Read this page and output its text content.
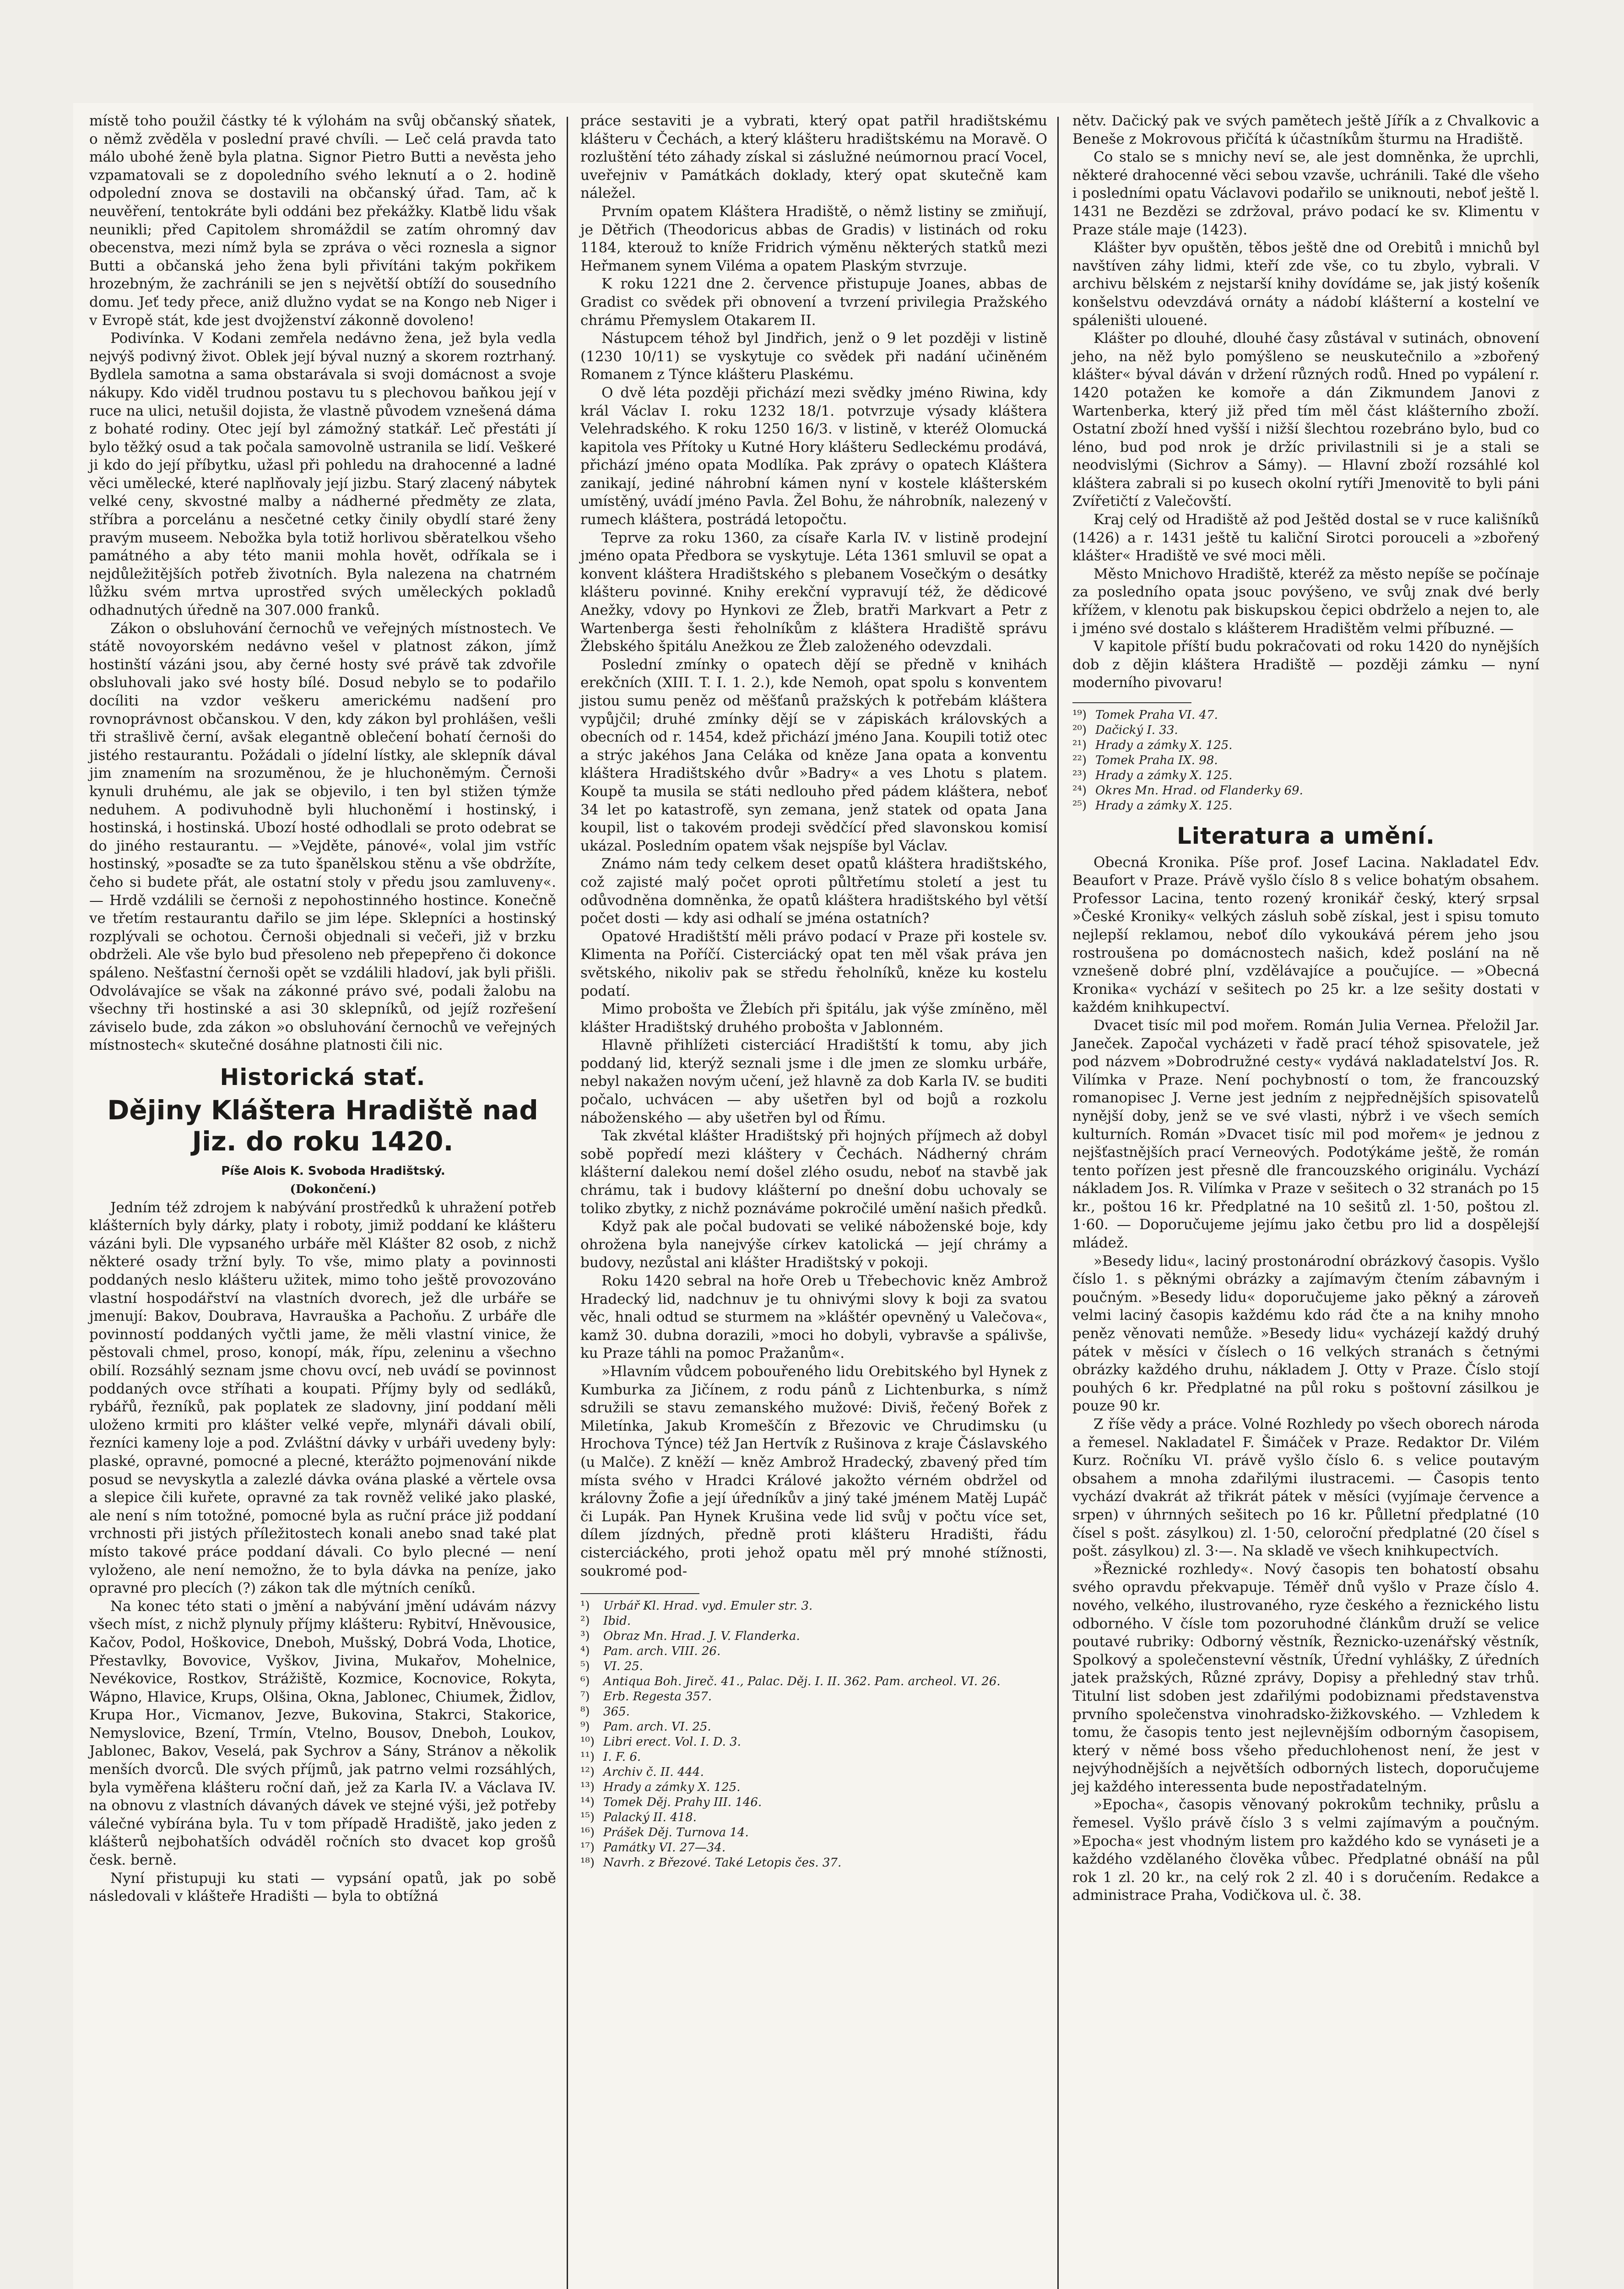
místě toho použil částky té k výlohám na svůj občanský sňatek, o němž zvěděla v poslední pravé chvíli. — Leč celá pravda tato málo ubohé ženě byla platna. Signor Pietro Butti a nevěsta jeho vzpamatovali se z dopoledního svého leknutí a o 2. hodině odpolední znova se dostavili na občanský úřad. Tam, ač k neuvěření, tentokráte byli oddáni bez překážky. Klatbě lidu však neunikli; před Capitolem shromáždil se zatím ohromný dav obecenstva, mezi nímž byla se zpráva o věci roznesla a signor Butti a občanská jeho žena byli přivítáni takým pokřikem hrozebným, že zachránili se jen s největší obtíží do sousedního domu. Jeť tedy přece, aniž dlužno vydat se na Kongo neb Niger i v Evropě stát, kde jest dvojženství zákonně dovoleno!

Podivínka. V Kodani zemřela nedávno žena, jež byla vedla nejvýš podivný život. Oblek její býval nuzný a skorem roztrhaný. Bydlela samotna a sama obstarávala si svoji domácnost a svoje nákupy. Kdo viděl trudnou postavu tu s plechovou baňkou její v ruce na ulici, netušil dojista, že vlastně původem vznešená dáma z bohaté rodiny. Otec její byl zámožný statkář. Leč přestáti jí bylo těžký osud a tak počala samovolně ustranila se lidí. Veškeré ji kdo do její příbytku, užasl při pohledu na drahocenné a ladné věci umělecké, které naplňovaly její jizbu. Starý zlacený nábytek velké ceny, skvostné malby a nádherné předměty ze zlata, stříbra a porcelánu a nesčetné cetky činily obydlí staré ženy pravým museem. Nebožka byla totiž horlivou sběratelkou všeho památného a aby této manii mohla hovět, odříkala se i nejdůležitějších potřeb životních. Byla nalezena na chatrném lůžku svém mrtva uprostřed svých uměleckých pokladů odhadnutých úředně na 307.000 franků.

Zákon o obsluhování černochů ve veřejných místnostech. Ve státě novoyorském nedávno vešel v platnost zákon, jímž hostinští vázáni jsou, aby černé hosty své právě tak zdvořile obsluhovali jako své hosty bílé. Dosud nebylo se to podařilo docíliti na vzdor veškeru americkému nadšení pro rovnoprávnost občanskou. V den, kdy zákon byl prohlášen, vešli tři strašlivě černí, avšak elegantně oblečení bohatí černoši do jistého restaurantu. Požádali o jídelní lístky, ale sklepník dával jim znamením na srozuměnou, že je hluchoněmým. Černoši kynuli druhému, ale jak se objevilo, i ten byl stižen týmže neduhem. A podivuhodně byli hluchoněmí i hostinský, i hostinská, i hostinská. Ubozí hosté odhodlali se proto odebrat se do jiného restaurantu. — »Vejděte, pánové«, volal jim vstříc hostinský, »posaďte se za tuto španělskou stěnu a vše obdržíte, čeho si budete přát, ale ostatní stoly v předu jsou zamluveny«. — Hrdě vzdálili se černoši z nepohostinného hostince. Konečně ve třetím restaurantu dařilo se jim lépe. Sklepníci a hostinský rozplývali se ochotou. Černoši objednali si večeři, již v brzku obdrželi. Ale vše bylo bud přesoleno neb přepepřeno či dokonce spáleno. Nešťastní černoši opět se vzdálili hladoví, jak byli přišli. Odvolávajíce se však na zákonné právo své, podali žalobu na všechny tři hostinské a asi 30 sklepníků, od jejíž rozřešení záviselo bude, zda zákon »o obsluhování černochů ve veřejných místnostech« skutečné dosáhne platnosti čili nic.

Historická stať.
Dějiny Kláštera Hradiště nad Jiz. do roku 1420.

Píše Alois K. Svoboda Hradištský.

(Dokončení.)

Jedním též zdrojem k nabývání prostředků k uhražení potřeb klášterních byly dárky, platy i roboty, jimiž poddaní ke klášteru vázáni byli. Dle vypsaného urbáře měl Klášter 82 osob, z nichž některé osady tržní byly. To vše, mimo platy a povinnosti poddaných neslo klášteru užitek, mimo toho ještě provozováno vlastní hospodářství na vlastních dvorech, jež dle urbáře se jmenují: Bakov, Doubrava, Havrauška a Pachoňu. Z urbáře dle povinností poddaných vyčtli jame, že měli vlastní vinice, že pěstovali chmel, proso, konopí, mák, řípu, zeleninu a všechno obilí. Rozsáhlý seznam jsme chovu ovcí, neb uvádí se povinnost poddaných ovce stříhati a koupati. Příjmy byly od sedláků, rybářů, řezníků, pak poplatek ze sladovny, jiní poddaní měli uloženo krmiti pro klášter velké vepře, mlynáři dávali obilí, řezníci kameny loje a pod. Zvláštní dávky v urbáři uvedeny byly: plaské, opravné, pomocné a plecné, kterážto pojmenování nikde posud se nevyskytla a zalezlé dávka ována plaské a věrtele ovsa a slepice čili kuřete, opravné za tak rovněž veliké jako plaské, ale není s ním totožné, pomocné byla as ruční práce již poddaní vrchnosti při jistých příležitostech konali anebo snad také plat místo takové práce poddaní dávali. Co bylo plecné — není vyloženo, ale není nemožno, že to byla dávka na peníze, jako opravné pro plecích (?) zákon tak dle mýtních ceníků.

Na konec této stati o jmění a nabývání jmění udávám názvy všech míst, z nichž plynuly příjmy klášteru: Rybitví, Hněvousice, Kačov, Podol, Hoškovice, Dneboh, Mušský, Dobrá Voda, Lhotice, Přestavlky, Bovovice, Vyškov, Jivina, Mukařov, Mohelnice, Nevékovice, Rostkov, Strážiště, Kozmice, Kocnovice, Rokyta, Wápno, Hlavice, Krups, Olšina, Okna, Jablonec, Chiumek, Židlov, Krupa Hor., Vicmanov, Jezve, Bukovina, Stakrci, Stakorice, Nemyslovice, Bzení, Trmín, Vtelno, Bousov, Dneboh, Loukov, Jablonec, Bakov, Veselá, pak Sychrov a Sány, Stránov a několik menších dvorců. Dle svých příjmů, jak patrno velmi rozsáhlých, byla vyměřena klášteru roční daň, jež za Karla IV. a Václava IV. na obnovu z vlastních dávaných dávek ve stejné výši, jež potřeby válečné vybírána byla. Tu v tom případě Hradiště, jako jeden z klášterů nejbohatších odváděl ročních sto dvacet kop grošů česk. berně.

Nyní přistupuji ku stati — vypsání opatů, jak po sobě následovali v klášteře Hradišti — byla to obtížná

práce sestaviti je a vybrati, který opat patřil hradištskému klášteru v Čechách, a který klášteru hradištskému na Moravě. O rozluštění této záhady získal si záslužné neúmornou prací Vocel, uveřejniv v Památkách doklady, který opat skutečně kam náležel.

Prvním opatem Kláštera Hradiště, o němž listiny se zmiňují, je Dětřich (Theodoricus abbas de Gradis) v listinách od roku 1184, kterouž to kníže Fridrich výměnu některých statků mezi Heřmanem synem Viléma a opatem Plaským stvrzuje.

K roku 1221 dne 2. července přistupuje Joanes, abbas de Gradist co svědek při obnovení a tvrzení privilegia Pražského chrámu Přemyslem Otakarem II.

Nástupcem téhož byl Jindřich, jenž o 9 let později v listině (1230 10/11) se vyskytuje co svědek při nadání učiněném Romanem z Týnce klášteru Plaskému.

O dvě léta později přichází mezi svědky jméno Riwina, kdy král Václav I. roku 1232 18/1. potvrzuje výsady kláštera Velehradského. K roku 1250 16/3. v listině, v kteréž Olomucká kapitola ves Přítoky u Kutné Hory klášteru Sedleckému prodává, přichází jméno opata Modlíka. Pak zprávy o opatech Kláštera zanikají, jediné náhrobní kámen nyní v kostele klášterském umístěný, uvádí jméno Pavla. Žel Bohu, že náhrobník, nalezený v rumech kláštera, postrádá letopočtu.

Teprve za roku 1360, za císaře Karla IV. v listině prodejní jméno opata Předbora se vyskytuje. Léta 1361 smluvil se opat a konvent kláštera Hradištského s plebanem Vosečkým o desátky klášteru povinné. Knihy erekční vypravují též, že dědicové Anežky, vdovy po Hynkovi ze Žleb, bratři Markvart a Petr z Wartenberga šesti řeholníkům z kláštera Hradiště správu Žlebského špitálu Anežkou ze Žleb založeného odevzdali.

Poslední zmínky o opatech dějí se předně v knihách erekčních (XIII. T. I. 1. 2.), kde Nemoh, opat spolu s konventem jistou sumu peněz od měšťanů pražských k potřebám kláštera vypůjčil; druhé zmínky dějí se v zápiskách královských a obecních od r. 1454, kdež přichází jméno Jana. Koupili totiž otec a strýc jakéhos Jana Celáka od kněze Jana opata a konventu kláštera Hradištského dvůr »Badry« a ves Lhotu s platem. Koupě ta musila se státi nedlouho před pádem kláštera, neboť 34 let po katastrofě, syn zemana, jenž statek od opata Jana koupil, list o takovém prodeji svědčící před slavonskou komisí ukázal. Posledním opatem však nejspíše byl Václav.

Známo nám tedy celkem deset opatů kláštera hradištského, což zajisté malý počet oproti půltřetímu století a jest tu odůvodněna domněnka, že opatů kláštera hradištského byl větší počet dosti — kdy asi odhalí se jména ostatních?

Opatové Hradištští měli právo podací v Praze při kostele sv. Klimenta na Poříčí. Cisterciácký opat ten měl však práva jen světského, nikoliv pak se středu řeholníků, kněze ku kostelu podatí.

Mimo probošta ve Žlebích při špitálu, jak výše zmíněno, měl klášter Hradištský druhého probošta v Jablonném.

Hlavně přihlížeti cisterciácí Hradištští k tomu, aby jich poddaný lid, kterýž seznali jsme i dle jmen ze slomku urbáře, nebyl nakažen novým učení, jež hlavně za dob Karla IV. se buditi počalo, uchvácen — aby ušetřen byl od bojů a rozkolu náboženského — aby ušetřen byl od Římu.

Tak zkvétal klášter Hradištský při hojných příjmech až dobyl sobě popředí mezi kláštery v Čechách. Nádherný chrám klášterní dalekou nemí došel zlého osudu, neboť na stavbě jak chrámu, tak i budovy klášterní po dnešní dobu uchovaly se toliko zbytky, z nichž poznáváme pokročilé umění našich předků.

Když pak ale počal budovati se veliké náboženské boje, kdy ohrožena byla nanejvýše církev katolická — její chrámy a budovy, nezůstal ani klášter Hradištský v pokoji.

Roku 1420 sebral na hoře Oreb u Třebechovic kněz Ambrož Hradecký lid, nadchnuv je tu ohnivými slovy k boji za svatou věc, hnali odtud se sturmem na »kláštér opevněný u Valečova«, kamž 30. dubna dorazili, »moci ho dobyli, vybravše a spálivše, ku Praze táhli na pomoc Pražanům«.

»Hlavním vůdcem pobouřeného lidu Orebitského byl Hynek z Kumburka za Jičínem, z rodu pánů z Lichtenburka, s nímž sdružili se stavu zemanského mužové: Diviš, řečený Bořek z Miletínka, Jakub Kromeščín z Březovic ve Chrudimsku (u Hrochova Týnce) též Jan Hertvík z Rušinova z kraje Čáslavského (u Malče). Z kněží — kněz Ambrož Hradecký, zbavený před tím místa svého v Hradci Králové jakožto vérném obdržel od královny Žofie a její úředníkův a jiný také jménem Matěj Lupáč či Lupák. Pan Hynek Krušina vede lid svůj v počtu více set, dílem jízdných, předně proti klášteru Hradišti, řádu cisterciáckého, proti jehož opatu měl prý mnohé stížnosti, soukromé pod-

¹) Urbář Kl. Hrad. vyd. Emuler str. 3.
²) Ibid.
³) Obraz Mn. Hrad. J. V. Flanderka.
⁴) Pam. arch. VIII. 26.
⁵) VI. 25.
⁶) Antiqua Boh. Jireč. 41., Palac. Děj. I. II. 362. Pam. archeol. VI. 26.
⁷) Erb. Regesta 357.
⁸) 365.
⁹) Pam. arch. VI. 25.
¹⁰) Libri erect. Vol. I. D. 3.
¹¹) I. F. 6.
¹²) Archiv č. II. 444.
¹³) Hrady a zámky X. 125.
¹⁴) Tomek Děj. Prahy III. 146.
¹⁵) Palacký II. 418.
¹⁶) Prášek Děj. Turnova 14.
¹⁷) Památky VI. 27—34.
¹⁸) Navrh. z Březové. Také Letopis čes. 37.

nětv. Dačický pak ve svých pamětech ještě Jířík a z Chvalkovic a Beneše z Mokrovous přičítá k účastníkům šturmu na Hradiště.

Co stalo se s mnichy neví se, ale jest domněnka, že uprchli, některé drahocenné věci sebou vzavše, uchránili. Také dle všeho i posledními opatu Václavovi podařilo se uniknouti, neboť ještě l. 1431 ne Bezdězi se zdržoval, právo podací ke sv. Klimentu v Praze stále maje (1423).

Klášter byv opuštěn, těbos ještě dne od Orebitů i mnichů byl navštíven záhy lidmi, kteří zde vše, co tu zbylo, vybrali. V archivu bělském z nejstarší knihy dovídáme se, jak jistý košeník konšelstvu odevzdává ornáty a nádobí klášterní a kostelní ve spáleništi ulouené.

Klášter po dlouhé, dlouhé časy zůstával v sutinách, obnovení jeho, na něž bylo pomýšleno se neuskutečnilo a »zbořený klášter« býval dáván v držení různých rodů. Hned po vypálení r. 1420 potažen ke komoře a dán Zikmundem Janovi z Wartenberka, který již před tím měl část klášterního zboží. Ostatní zboží hned vyšší i nižší šlechtou rozebráno bylo, bud co léno, bud pod nrok je držíc privilastnili si je a stali se neodvislými (Sichrov a Sámy). — Hlavní zboží rozsáhlé kol kláštera zabrali si po kusech okolní rytíři Jmenovitě to byli páni Zvířetičtí z Valečovští.

Kraj celý od Hradiště až pod Ještěd dostal se v ruce kališníků (1426) a r. 1431 ještě tu kaliční Sirotci porouceli a »zbořený klášter« Hradiště ve své moci měli.

Město Mnichovo Hradiště, kteréž za město nepíše se počínaje za posledního opata jsouc povýšeno, ve svůj znak dvé berly křížem, v klenotu pak biskupskou čepici obdrželo a nejen to, ale i jméno své dostalo s klášterem Hradištěm velmi příbuzné. —

V kapitole příští budu pokračovati od roku 1420 do nynějších dob z dějin kláštera Hradiště — později zámku — nyní moderního pivovaru!

¹⁹) Tomek Praha VI. 47.
²⁰) Dačický I. 33.
²¹) Hrady a zámky X. 125.
²²) Tomek Praha IX. 98.
²³) Hrady a zámky X. 125.
²⁴) Okres Mn. Hrad. od Flanderky 69.
²⁵) Hrady a zámky X. 125.
Literatura a umění.

Obecná Kronika. Píše prof. Josef Lacina. Nakladatel Edv. Beaufort v Praze. Právě vyšlo číslo 8 s velice bohatým obsahem. Professor Lacina, tento rozený kronikář český, který srpsal »České Kroniky« velkých zásluh sobě získal, jest i spisu tomuto nejlepší reklamou, neboť dílo vykoukává pérem jeho jsou rostroušena po domácnostech našich, kdež poslání na ně vznešeně dobré plní, vzdělávajíce a poučujíce. — »Obecná Kronika« vychází v sešitech po 25 kr. a lze sešity dostati v každém knihkupectví.

Dvacet tisíc mil pod mořem. Román Julia Vernea. Přeložil Jar. Janeček. Započal vycházeti v řadě prací téhož spisovatele, jež pod názvem »Dobrodružné cesty« vydává nakladatelství Jos. R. Vilímka v Praze. Není pochybností o tom, že francouzský romanopisec J. Verne jest jedním z nejpřednějších spisovatelů nynější doby, jenž se ve své vlasti, nýbrž i ve všech semích kulturních. Román »Dvacet tisíc mil pod mořem« je jednou z nejšťastnějších prací Verneových. Podotýkáme ještě, že román tento pořízen jest přesně dle francouzského originálu. Vychází nákladem Jos. R. Vilímka v Praze v sešitech o 32 stranách po 15 kr., poštou 16 kr. Předplatné na 10 sešitů zl. 1·50, poštou zl. 1·60. — Doporučujeme jejímu jako četbu pro lid a dospělejší mládež.

»Besedy lidu«, laciný prostonárodní obrázkový časopis. Vyšlo číslo 1. s pěknými obrázky a zajímavým čtením zábavným i poučným. »Besedy lidu« doporučujeme jako pěkný a zároveň velmi laciný časopis každému kdo rád čte a na knihy mnoho peněz věnovati nemůže. »Besedy lidu« vycházejí každý druhý pátek v měsíci v číslech o 16 velkých stranách s četnými obrázky každého druhu, nákladem J. Otty v Praze. Číslo stojí pouhých 6 kr. Předplatné na půl roku s poštovní zásilkou je pouze 90 kr.

Z říše vědy a práce. Volné Rozhledy po všech oborech národa a řemesel. Nakladatel F. Šimáček v Praze. Redaktor Dr. Vilém Kurz. Ročníku VI. právě vyšlo číslo 6. s velice poutavým obsahem a mnoha zdařilými ilustracemi. — Časopis tento vychází dvakrát až třikrát pátek v měsíci (vyjímaje července a srpen) v úhrnných sešitech po 16 kr. Půlletní předplatné (10 čísel s pošt. zásylkou) zl. 1·50, celoroční předplatné (20 čísel s pošt. zásylkou) zl. 3·—. Na skladě ve všech knihkupectvích.

»Řeznické rozhledy«. Nový časopis ten bohatostí obsahu svého opravdu překvapuje. Téměř dnů vyšlo v Praze číslo 4. nového, velkého, ilustrovaného, ryze českého a řeznického listu odborného. V čísle tom pozoruhodné článkům druží se velice poutavé rubriky: Odborný věstník, Řeznicko-uzenářský věstník, Spolkový a společenstevní věstník, Úřední vyhlášky, Z úředních jatek pražských, Různé zprávy, Dopisy a přehledný stav trhů. Titulní list sdoben jest zdařilými podobiznami představenstva prvního společenstva vinohradsko-žižkovského. — Vzhledem k tomu, že časopis tento jest nejlevnějším odborným časopisem, který v němé boss všeho předuchlohenost není, že jest v nejvýhodnějších a největších odborných listech, doporučujeme jej každého interessenta bude nepostřadatelným.

»Epocha«, časopis věnovaný pokrokům techniky, průslu a řemesel. Vyšlo právě číslo 3 s velmi zajímavým a poučným. »Epocha« jest vhodným listem pro každého kdo se vynáseti je a každého vzdělaného člověka vůbec. Předplatné obnáší na půl rok 1 zl. 20 kr., na celý rok 2 zl. 40 i s doručením. Redakce a administrace Praha, Vodičkova ul. č. 38.
